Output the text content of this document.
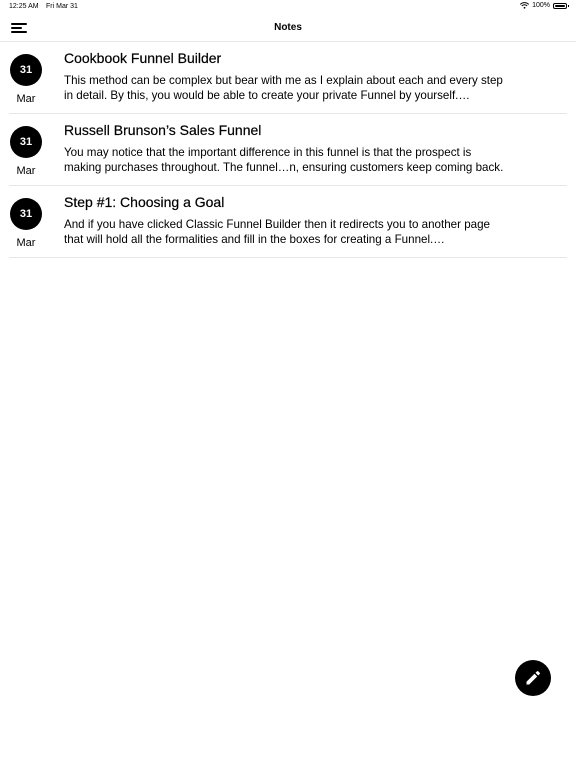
12:25 AM Fri Mar 31	100%
Notes
31
Mar
Cookbook Funnel Builder
This method can be complex but bear with me as I explain about each and every step
in detail. By this, you would be able to create your private Funnel by yourself.…
31
Mar
Russell Brunson’s Sales Funnel
You may notice that the important difference in this funnel is that the prospect is
making purchases throughout. The funnel…n, ensuring customers keep coming back.
31
Mar
Step #1: Choosing a Goal
And if you have clicked Classic Funnel Builder then it redirects you to another page
that will hold all the formalities and fill in the boxes for creating a Funnel.…
